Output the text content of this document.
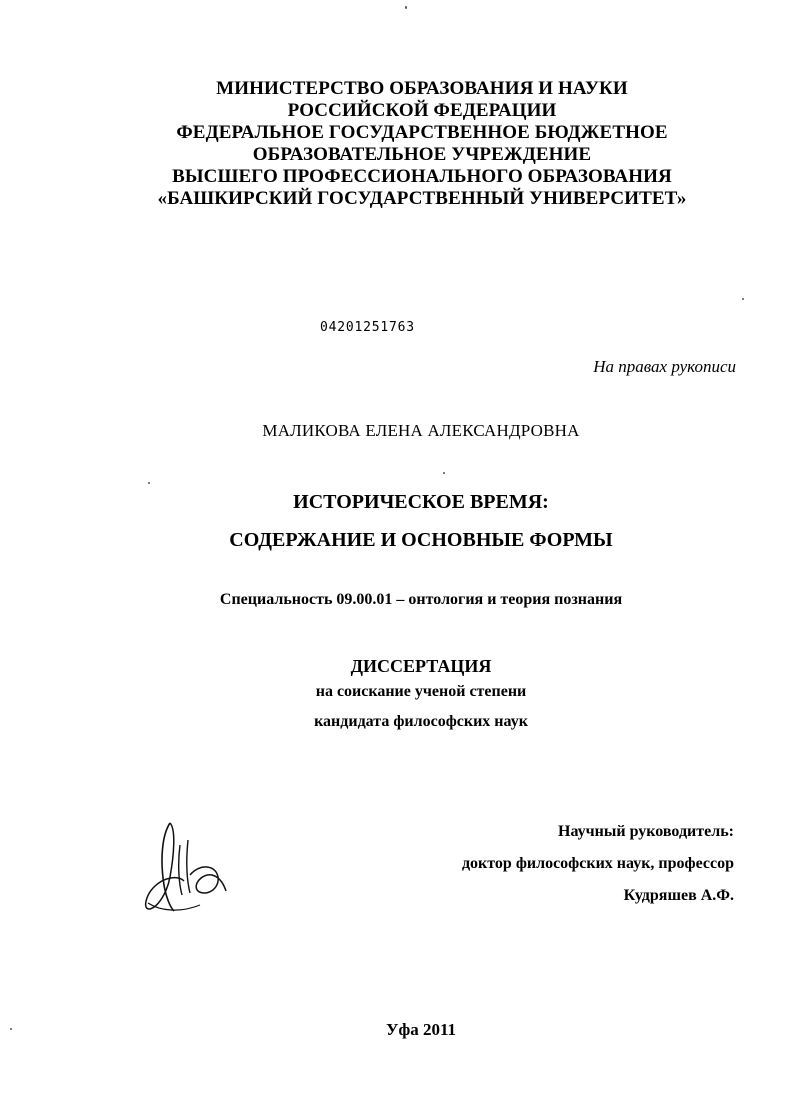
МИНИСТЕРСТВО ОБРАЗОВАНИЯ И НАУКИ
РОССИЙСКОЙ ФЕДЕРАЦИИ
ФЕДЕРАЛЬНОЕ ГОСУДАРСТВЕННОЕ БЮДЖЕТНОЕ
ОБРАЗОВАТЕЛЬНОЕ УЧРЕЖДЕНИЕ
ВЫСШЕГО ПРОФЕССИОНАЛЬНОГО ОБРАЗОВАНИЯ
«БАШКИРСКИЙ ГОСУДАРСТВЕННЫЙ УНИВЕРСИТЕТ»
04201251763
На правах рукописи
МАЛИКОВА ЕЛЕНА АЛЕКСАНДРОВНА
ИСТОРИЧЕСКОЕ ВРЕМЯ:
СОДЕРЖАНИЕ И ОСНОВНЫЕ ФОРМЫ
Специальность 09.00.01 – онтология и теория познания
ДИССЕРТАЦИЯ
на соискание ученой степени
кандидата философских наук
Научный руководитель:
доктор философских наук, профессор
Кудряшев А.Ф.
Уфа 2011
